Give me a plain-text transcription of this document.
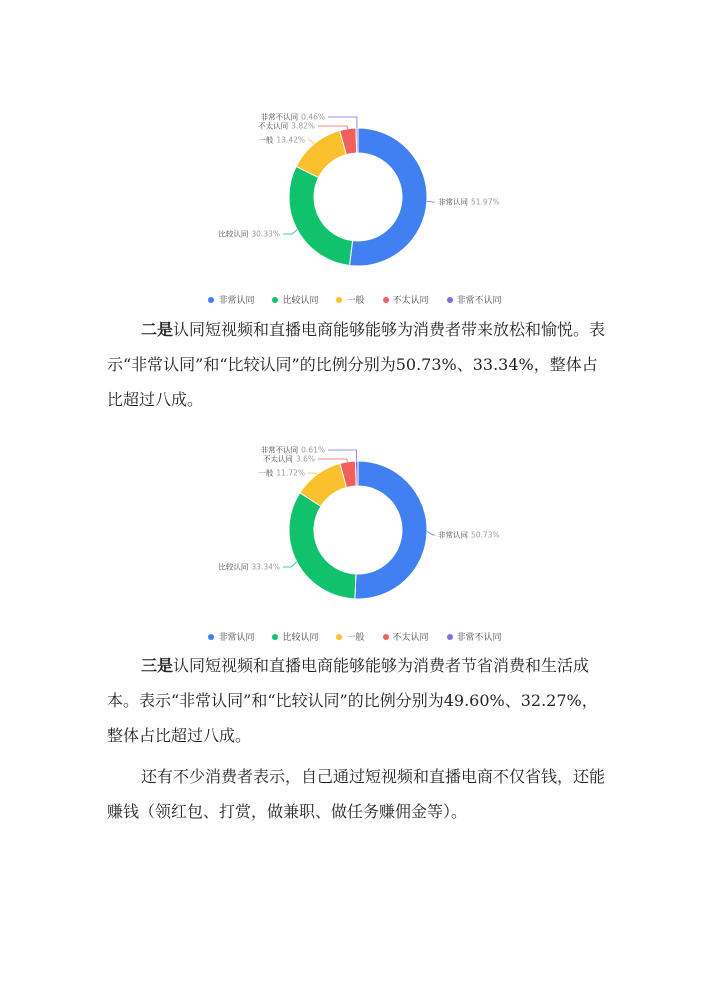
非常认同 51.97%
比较认同 30.33%
一般 13.42%
不太认同 3.82%
非常不认同 0.46%
非常认同	比较认同	一般	不太认同	非常不认同

二是认同短视频和直播电商能够能够为消费者带来放松和愉悦。表示“非常认同”和“比较认同”的比例分别为50.73%、33.34%，整体占比超过八成。

非常认同 50.73%
比较认同 33.34%
一般 11.72%
不太认同 3.6%
非常不认同 0.61%
非常认同	比较认同	一般	不太认同	非常不认同

三是认同短视频和直播电商能够能够为消费者节省消费和生活成本。表示“非常认同”和“比较认同”的比例分别为49.60%、32.27%，整体占比超过八成。

还有不少消费者表示，自己通过短视频和直播电商不仅省钱，还能赚钱（领红包、打赏，做兼职、做任务赚佣金等）。
